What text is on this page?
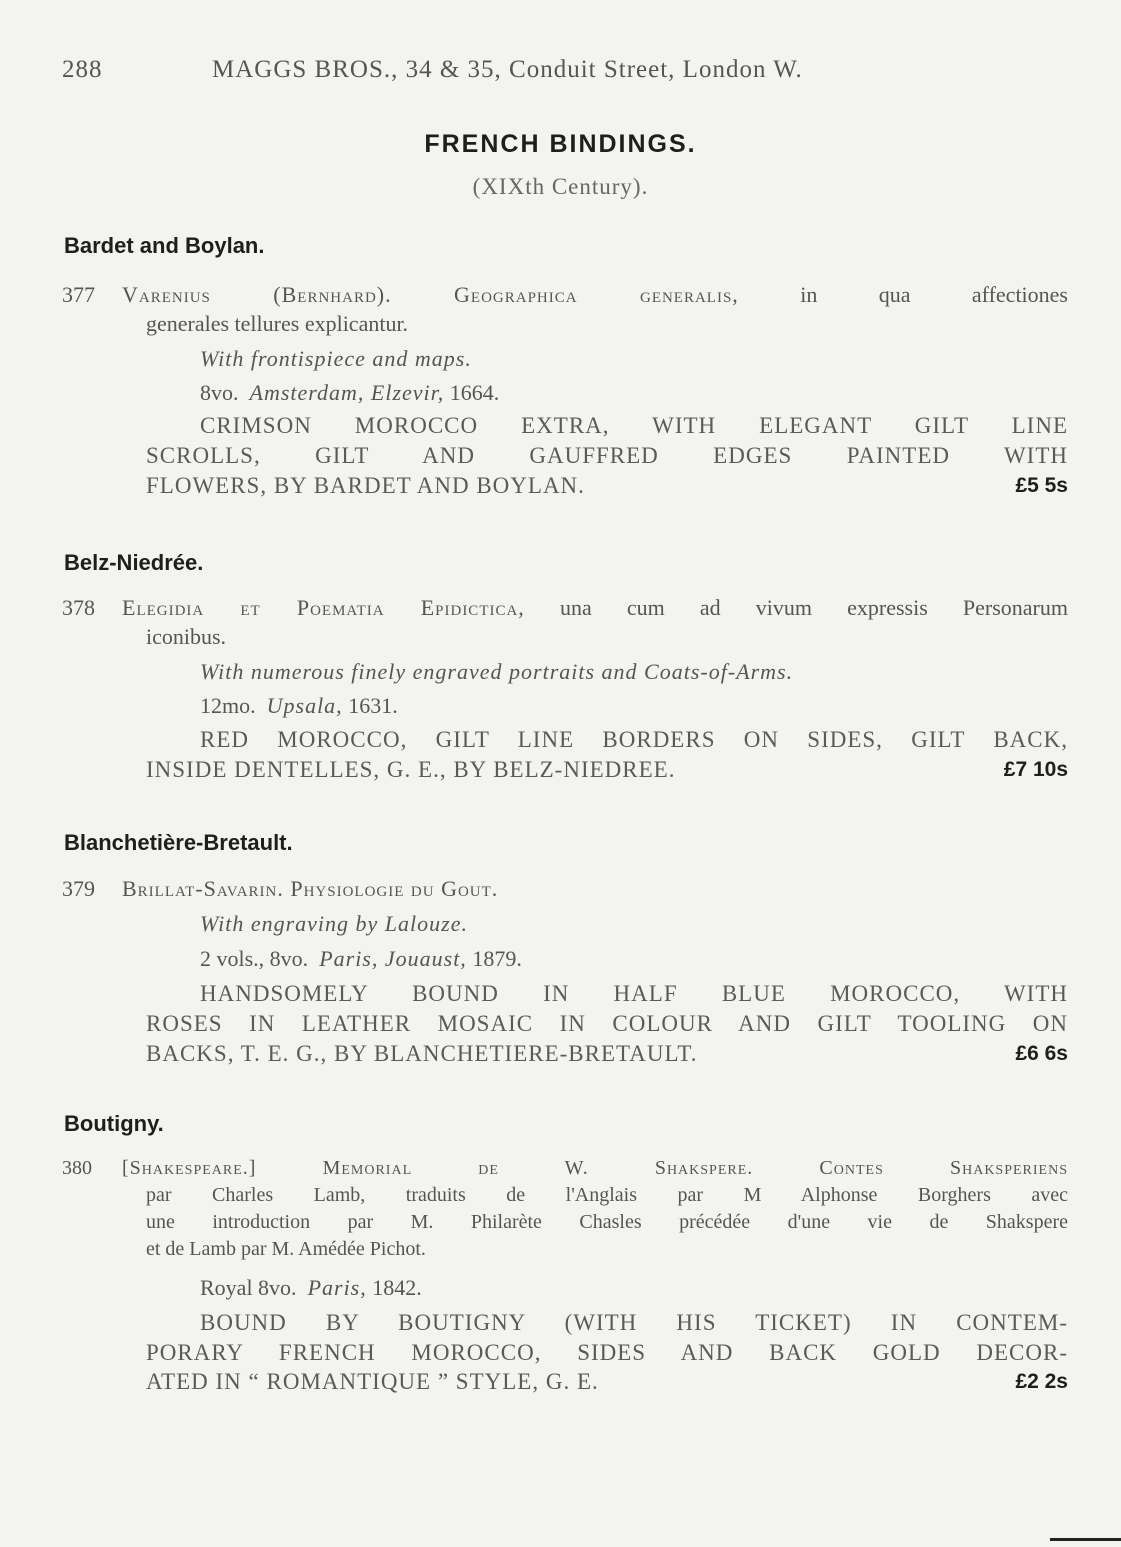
288	MAGGS BROS., 34 & 35, Conduit Street, London W.
FRENCH BINDINGS.
(XIXth Century).
Bardet and Boylan.
377 Varenius (Bernhard). Geographica generalis, in qua affectiones
generales tellures explicantur.
With frontispiece and maps.
8vo. Amsterdam, Elzevir, 1664.
CRIMSON MOROCCO EXTRA, WITH ELEGANT GILT LINE
SCROLLS, GILT AND GAUFFRED EDGES PAINTED WITH
FLOWERS, BY BARDET AND BOYLAN.	£5 5s
Belz-Niedrée.
378 Elegidia et Poematia Epidictica, una cum ad vivum expressis Personarum
iconibus.
With numerous finely engraved portraits and Coats-of-Arms.
12mo. Upsala, 1631.
RED MOROCCO, GILT LINE BORDERS ON SIDES, GILT BACK,
INSIDE DENTELLES, G. E., BY BELZ-NIEDREE.	£7 10s
Blanchetière-Bretault.
379 Brillat-Savarin. Physiologie du Gout.
With engraving by Lalouze.
2 vols., 8vo. Paris, Jouaust, 1879.
HANDSOMELY BOUND IN HALF BLUE MOROCCO, WITH
ROSES IN LEATHER MOSAIC IN COLOUR AND GILT TOOLING ON
BACKS, T. E. G., BY BLANCHETIERE-BRETAULT.	£6 6s
Boutigny.
380 [Shakespeare.] Memorial de W. Shakspere. Contes Shaksperiens
par Charles Lamb, traduits de l'Anglais par M Alphonse Borghers avec
une introduction par M. Philarète Chasles précédée d'une vie de Shakspere
et de Lamb par M. Amédée Pichot.
Royal 8vo. Paris, 1842.
BOUND BY BOUTIGNY (WITH HIS TICKET) IN CONTEM-
PORARY FRENCH MOROCCO, SIDES AND BACK GOLD DECOR-
ATED IN “ ROMANTIQUE ” STYLE, G. E.	£2 2s
